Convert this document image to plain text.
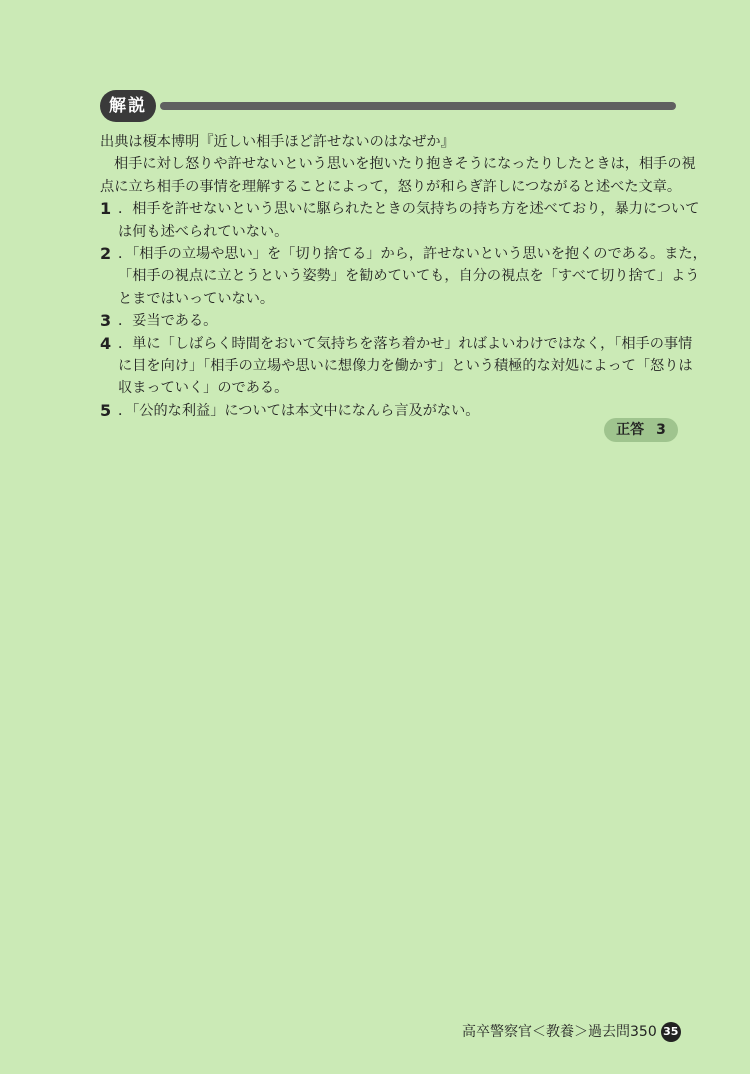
解説
出典は榎本博明『近しい相手ほど許せないのはなぜか』
相手に対し怒りや許せないという思いを抱いたり抱きそうになったりしたときは，相手の視
点に立ち相手の事情を理解することによって，怒りが和らぎ許しにつながると述べた文章。
1 ．相手を許せないという思いに駆られたときの気持ちの持ち方を述べており，暴力について
は何も述べられていない。
2 ．「相手の立場や思い」を「切り捨てる」から，許せないという思いを抱くのである。また，
「相手の視点に立とうという姿勢」を勧めていても，自分の視点を「すべて切り捨て」よう
とまではいっていない。
3 ．妥当である。
4 ．単に「しばらく時間をおいて気持ちを落ち着かせ」ればよいわけではなく，「相手の事情
に目を向け」「相手の立場や思いに想像力を働かす」という積極的な対処によって「怒りは
収まっていく」のである。
5 ．「公的な利益」については本文中になんら言及がない。
正答 3
高卒警察官＜教養＞過去問350 35
